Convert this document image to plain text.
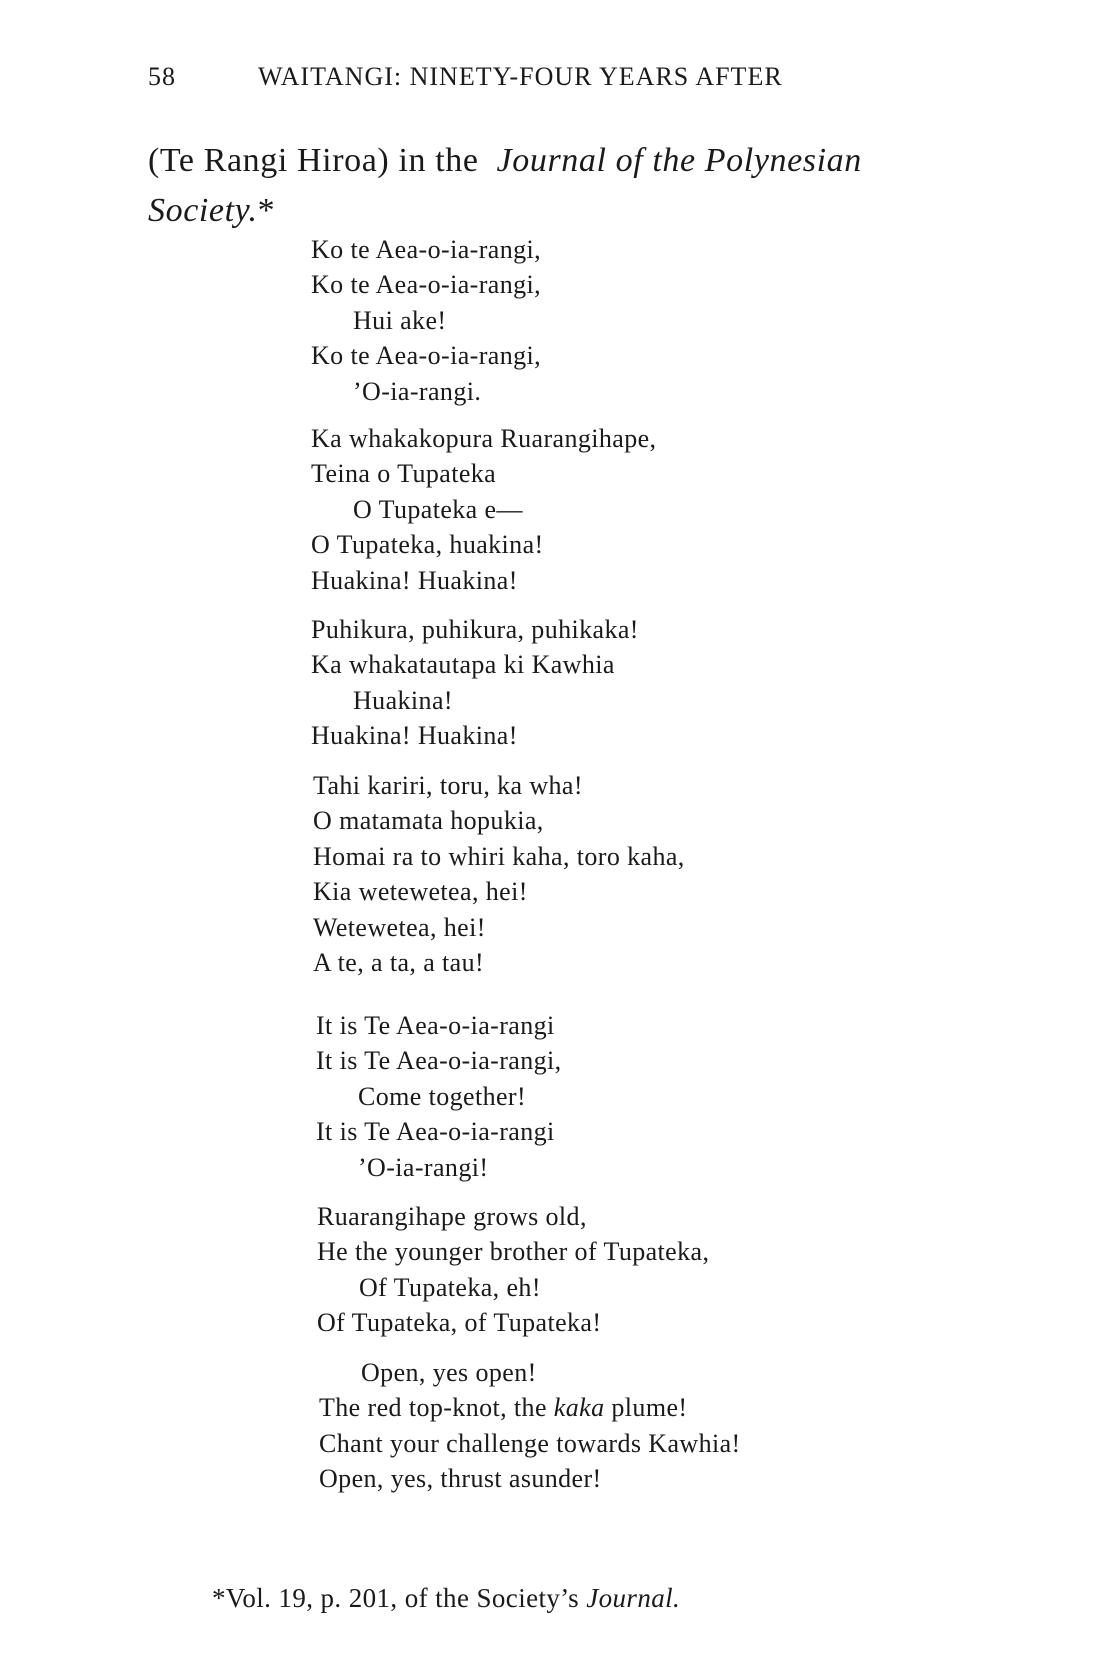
58	WAITANGI: NINETY-FOUR YEARS AFTER
(Te Rangi Hiroa) in the Journal of the Polynesian
Society.*
Ko te Aea-o-ia-rangi,
Ko te Aea-o-ia-rangi,
Hui ake!
Ko te Aea-o-ia-rangi,
’O-ia-rangi.
Ka whakakopura Ruarangihape,
Teina o Tupateka
O Tupateka e—
O Tupateka, huakina!
Huakina! Huakina!
Puhikura, puhikura, puhikaka!
Ka whakatautapa ki Kawhia
Huakina!
Huakina! Huakina!
Tahi kariri, toru, ka wha!
O matamata hopukia,
Homai ra to whiri kaha, toro kaha,
Kia wetewetea, hei!
Wetewetea, hei!
A te, a ta, a tau!
It is Te Aea-o-ia-rangi
It is Te Aea-o-ia-rangi,
Come together!
It is Te Aea-o-ia-rangi
’O-ia-rangi!
Ruarangihape grows old,
He the younger brother of Tupateka,
Of Tupateka, eh!
Of Tupateka, of Tupateka!
Open, yes open!
The red top-knot, the kaka plume!
Chant your challenge towards Kawhia!
Open, yes, thrust asunder!
*Vol. 19, p. 201, of the Society’s Journal.
